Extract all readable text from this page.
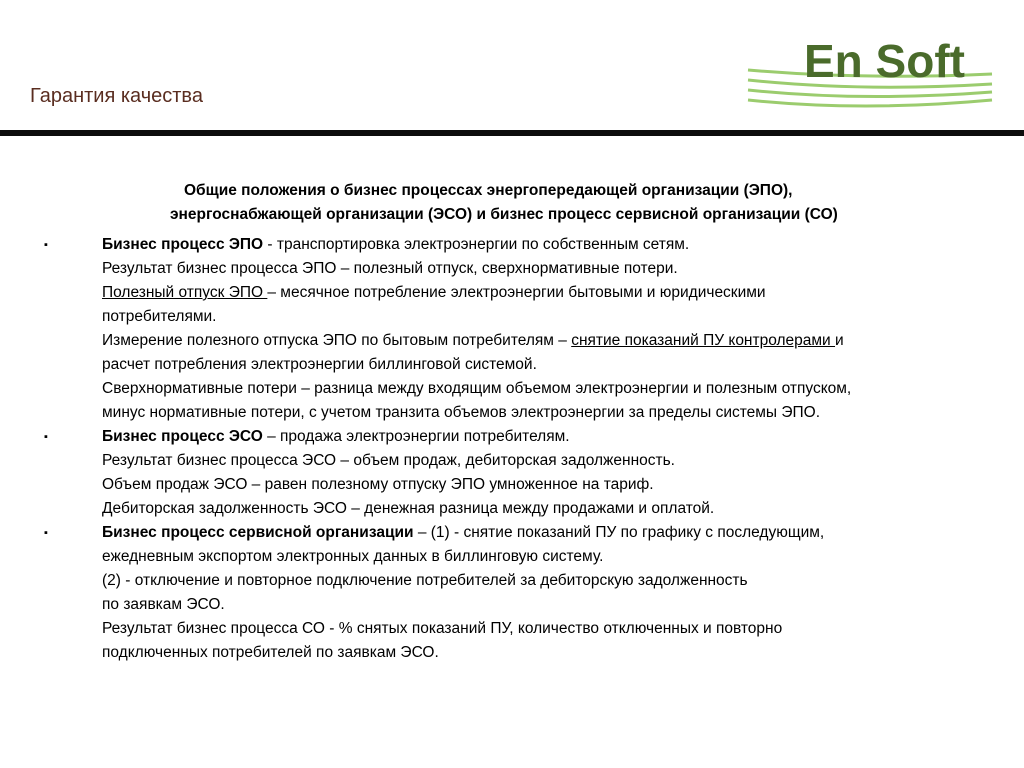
Гарантия качества
En Soft
Общие положения о бизнес процессах энергопередающей организации (ЭПО),
энергоснабжающей организации (ЭСО) и бизнес процесс сервисной организации (СО)
▪	Бизнес процесс ЭПО - транспортировка электроэнергии по собственным сетям.
Результат бизнес процесса ЭПО – полезный отпуск, сверхнормативные потери.
Полезный отпуск ЭПО – месячное потребление электроэнергии бытовыми и юридическими
потребителями.
Измерение полезного отпуска ЭПО по бытовым потребителям – снятие показаний ПУ контролерами и
расчет потребления электроэнергии биллинговой системой.
Сверхнормативные потери – разница между входящим объемом электроэнергии и полезным отпуском,
минус нормативные потери, с учетом транзита объемов электроэнергии за пределы системы ЭПО.
▪	Бизнес процесс ЭСО – продажа электроэнергии потребителям.
Результат бизнес процесса ЭСО – объем продаж, дебиторская задолженность.
Объем продаж ЭСО – равен полезному отпуску ЭПО умноженное на тариф.
Дебиторская задолженность ЭСО – денежная разница между продажами и оплатой.
▪	Бизнес процесс сервисной организации – (1) - снятие показаний ПУ по графику с последующим,
ежедневным экспортом электронных данных в биллинговую систему.
(2) - отключение и повторное подключение потребителей за дебиторскую задолженность
по заявкам ЭСО.
Результат бизнес процесса СО - % снятых показаний ПУ, количество отключенных и повторно
подключенных потребителей по заявкам ЭСО.
